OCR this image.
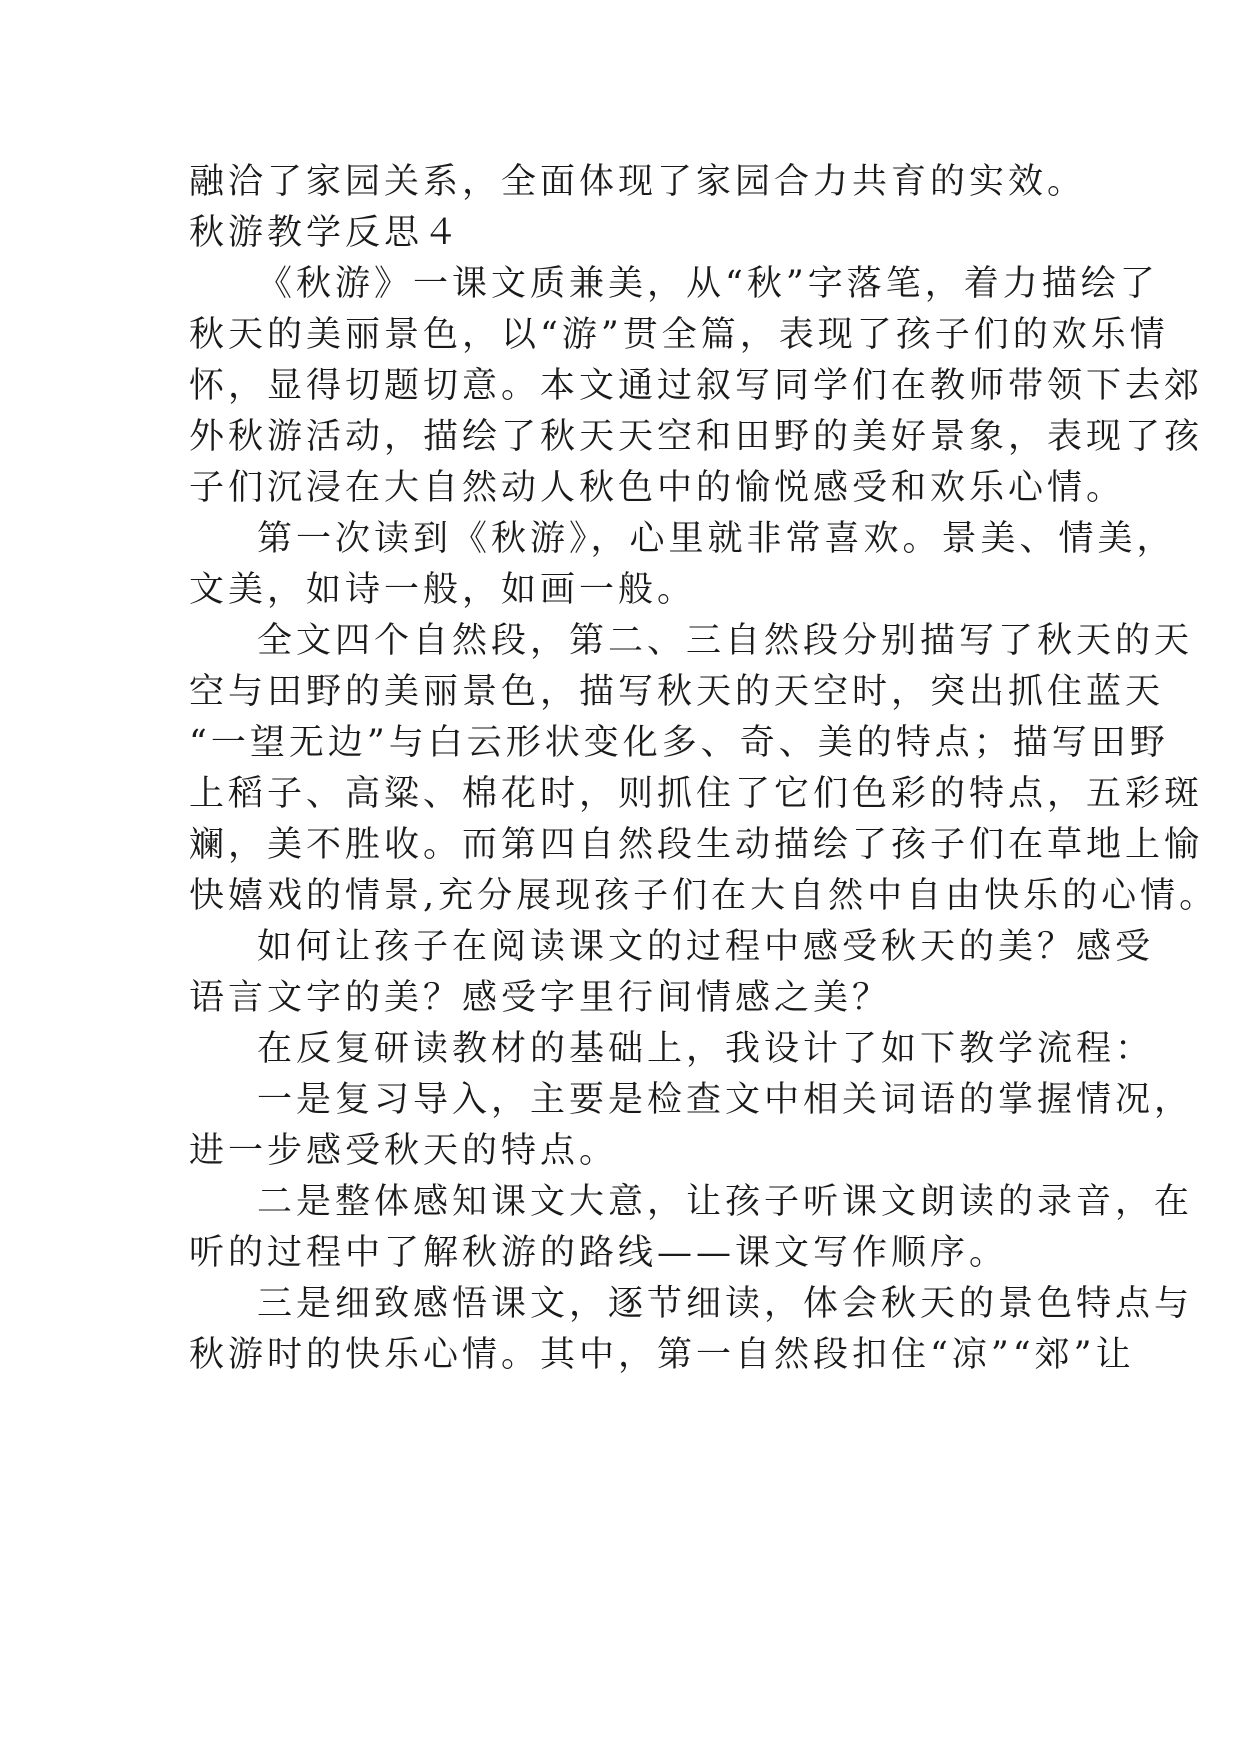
融洽了家园关系，全面体现了家园合力共育的实效。
秋游教学反思４
《秋游》一课文质兼美，从“秋”字落笔，着力描绘了
秋天的美丽景色，以“游”贯全篇，表现了孩子们的欢乐情
怀，显得切题切意。本文通过叙写同学们在教师带领下去郊
外秋游活动，描绘了秋天天空和田野的美好景象，表现了孩
子们沉浸在大自然动人秋色中的愉悦感受和欢乐心情。
第一次读到《秋游》，心里就非常喜欢。景美、情美，
文美，如诗一般，如画一般。
全文四个自然段，第二、三自然段分别描写了秋天的天
空与田野的美丽景色，描写秋天的天空时，突出抓住蓝天
“一望无边”与白云形状变化多、奇、美的特点；描写田野
上稻子、高粱、棉花时，则抓住了它们色彩的特点，五彩斑
斓，美不胜收。而第四自然段生动描绘了孩子们在草地上愉
快嬉戏的情景,充分展现孩子们在大自然中自由快乐的心情。
如何让孩子在阅读课文的过程中感受秋天的美？感受
语言文字的美？感受字里行间情感之美？
在反复研读教材的基础上，我设计了如下教学流程：
一是复习导入，主要是检查文中相关词语的掌握情况，
进一步感受秋天的特点。
二是整体感知课文大意，让孩子听课文朗读的录音，在
听的过程中了解秋游的路线——课文写作顺序。
三是细致感悟课文，逐节细读，体会秋天的景色特点与
秋游时的快乐心情。其中，第一自然段扣住“凉”“郊”让
